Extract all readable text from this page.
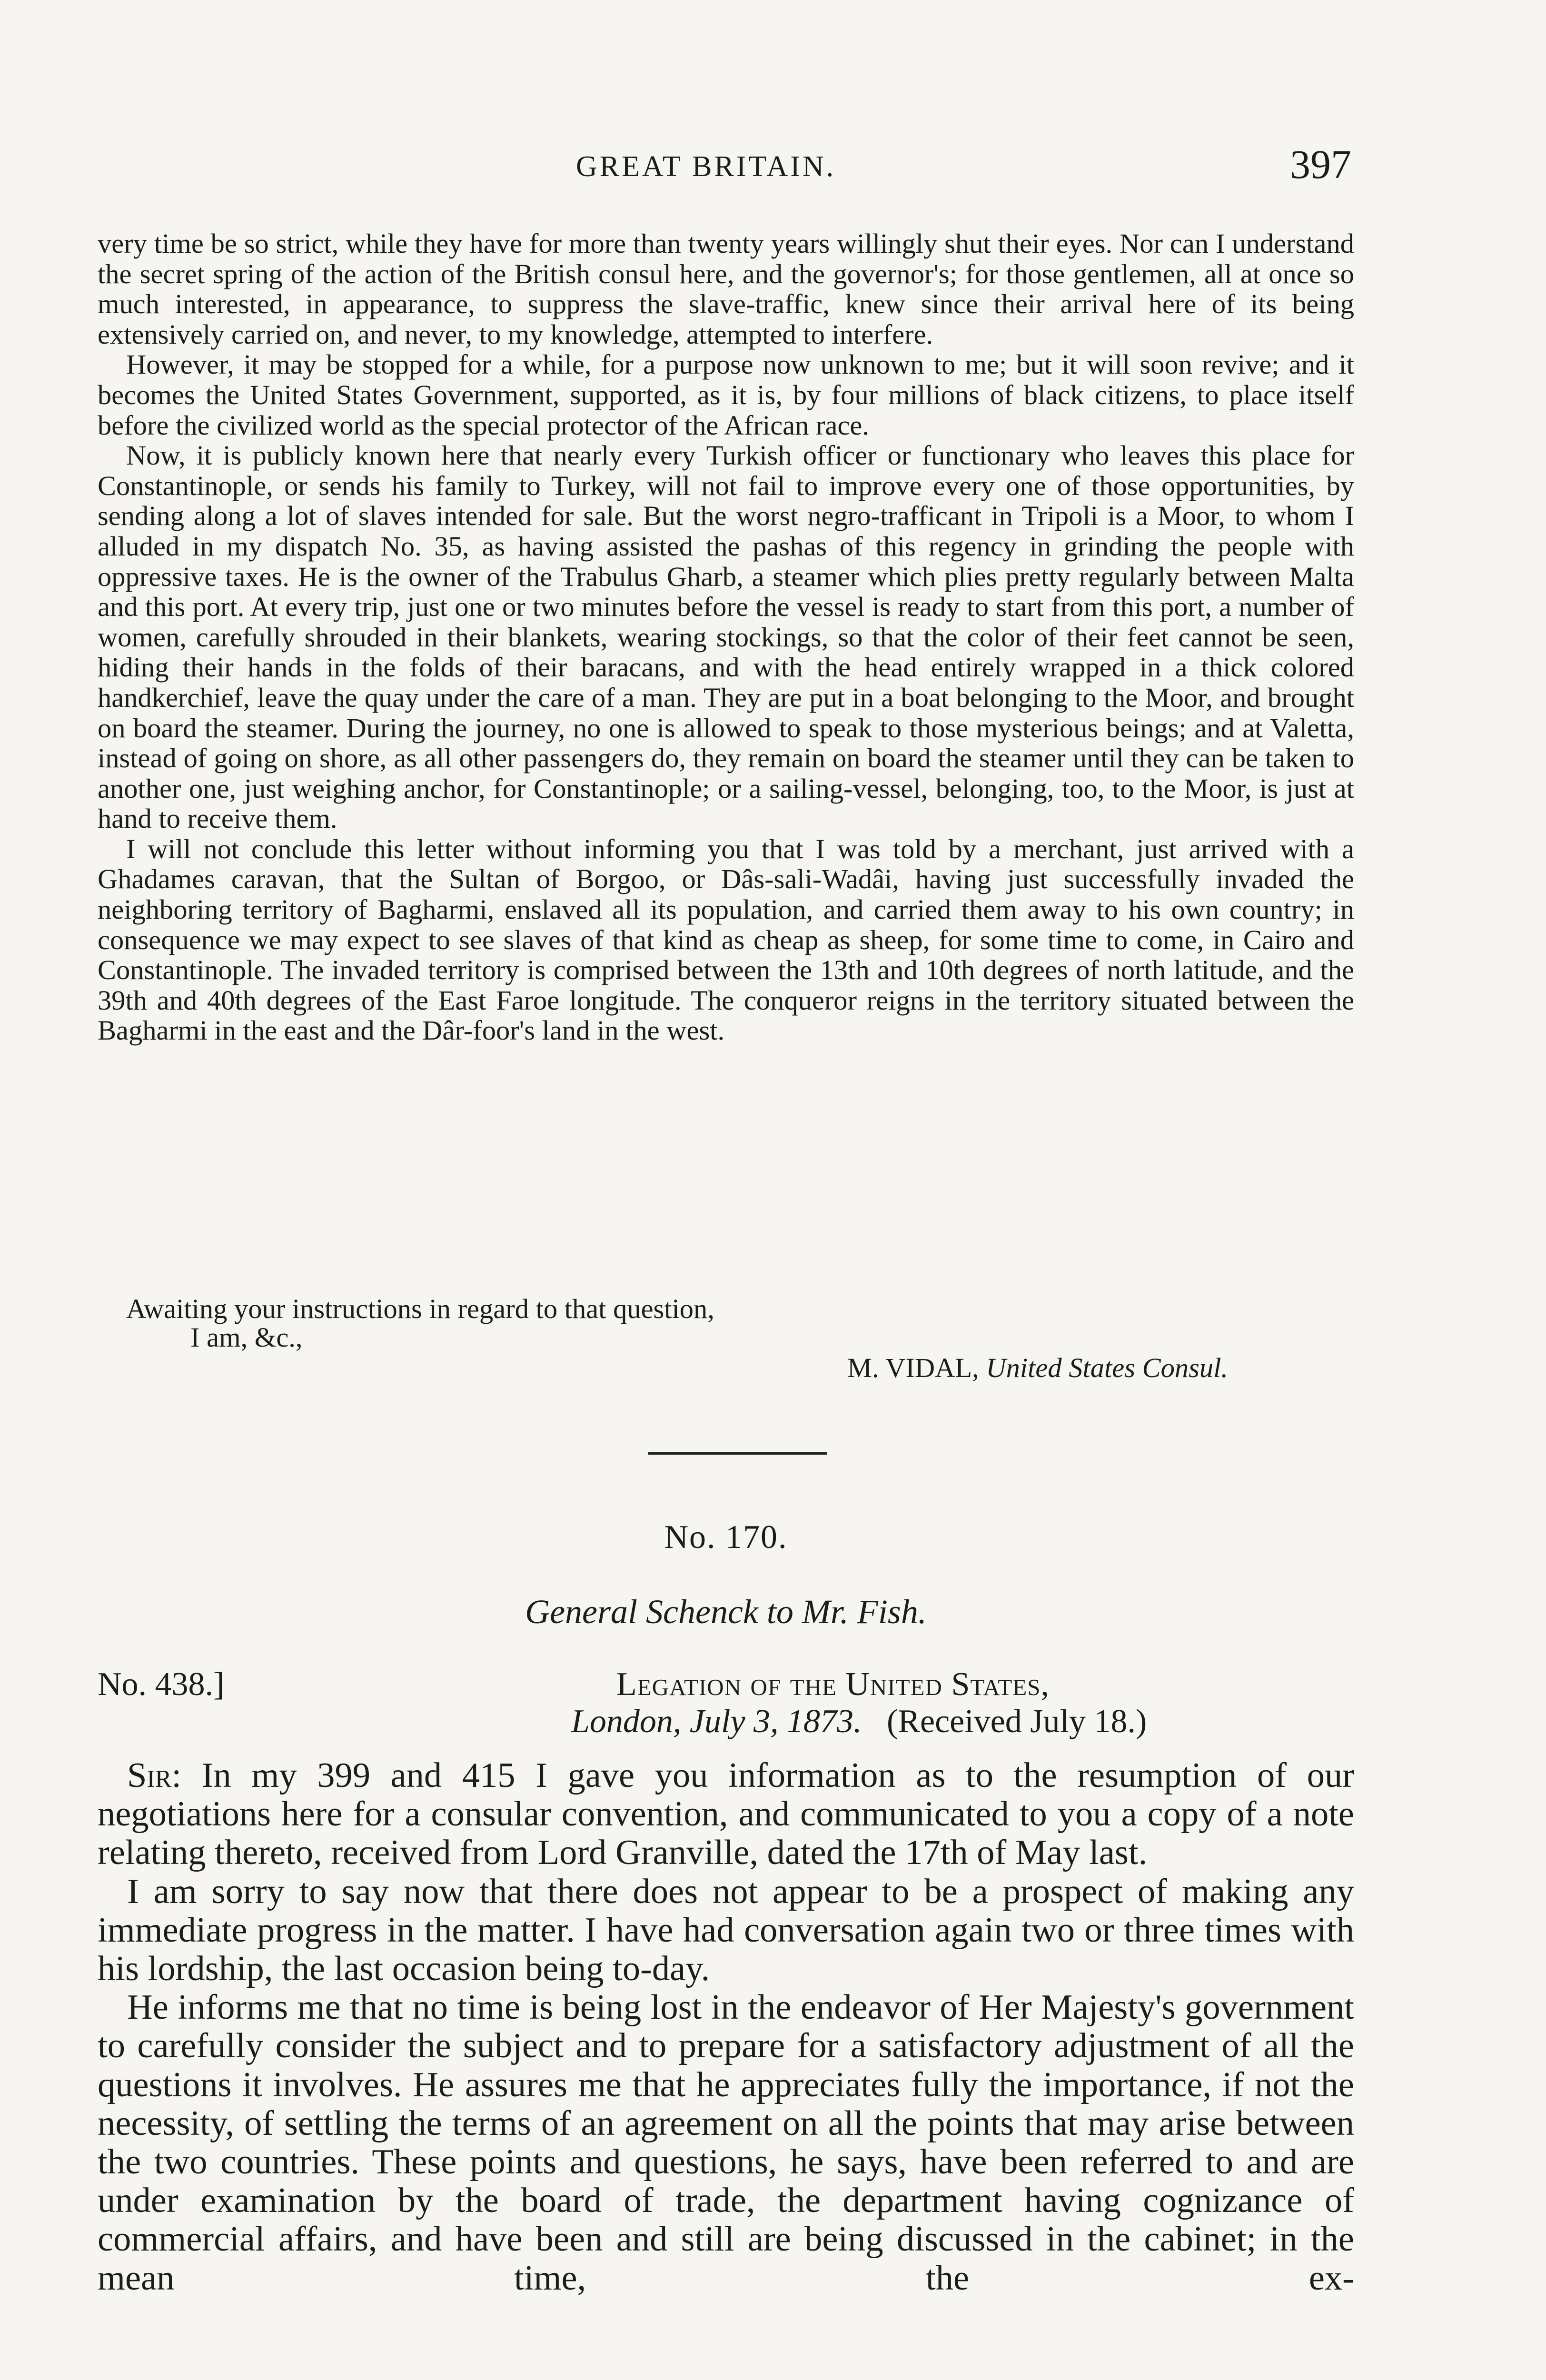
GREAT BRITAIN.	397

very time be so strict, while they have for more than twenty years willingly shut their eyes. Nor can I understand the secret spring of the action of the British consul here, and the governor's; for those gentlemen, all at once so much interested, in appearance, to suppress the slave-traffic, knew since their arrival here of its being extensively carried on, and never, to my knowledge, attempted to interfere.

However, it may be stopped for a while, for a purpose now unknown to me; but it will soon revive; and it becomes the United States Government, supported, as it is, by four millions of black citizens, to place itself before the civilized world as the special protector of the African race.

Now, it is publicly known here that nearly every Turkish officer or functionary who leaves this place for Constantinople, or sends his family to Turkey, will not fail to improve every one of those opportunities, by sending along a lot of slaves intended for sale. But the worst negro-trafficant in Tripoli is a Moor, to whom I alluded in my dispatch No. 35, as having assisted the pashas of this regency in grinding the people with oppressive taxes. He is the owner of the Trabulus Gharb, a steamer which plies pretty regularly between Malta and this port. At every trip, just one or two minutes before the vessel is ready to start from this port, a number of women, carefully shrouded in their blankets, wearing stockings, so that the color of their feet cannot be seen, hiding their hands in the folds of their baracans, and with the head entirely wrapped in a thick colored handkerchief, leave the quay under the care of a man. They are put in a boat belonging to the Moor, and brought on board the steamer. During the journey, no one is allowed to speak to those mysterious beings; and at Valetta, instead of going on shore, as all other passengers do, they remain on board the steamer until they can be taken to another one, just weighing anchor, for Constantinople; or a sailing-vessel, belonging, too, to the Moor, is just at hand to receive them.

I will not conclude this letter without informing you that I was told by a merchant, just arrived with a Ghadames caravan, that the Sultan of Borgoo, or Dâs-sali-Wadâi, having just successfully invaded the neighboring territory of Bagharmi, enslaved all its population, and carried them away to his own country; in consequence we may expect to see slaves of that kind as cheap as sheep, for some time to come, in Cairo and Constantinople. The invaded territory is comprised between the 13th and 10th degrees of north latitude, and the 39th and 40th degrees of the East Faroe longitude. The conqueror reigns in the territory situated between the Bagharmi in the east and the Dâr-foor's land in the west.

Awaiting your instructions in regard to that question,
I am, &c.,
M. VIDAL, United States Consul.
No. 170.
General Schenck to Mr. Fish.
No. 438.]	Legation of the United States,
London, July 3, 1873. (Received July 18.)

Sir: In my 399 and 415 I gave you information as to the resumption of our negotiations here for a consular convention, and communicated to you a copy of a note relating thereto, received from Lord Granville, dated the 17th of May last.

I am sorry to say now that there does not appear to be a prospect of making any immediate progress in the matter. I have had conversation again two or three times with his lordship, the last occasion being to-day.

He informs me that no time is being lost in the endeavor of Her Majesty's government to carefully consider the subject and to prepare for a satisfactory adjustment of all the questions it involves. He assures me that he appreciates fully the importance, if not the necessity, of settling the terms of an agreement on all the points that may arise between the two countries. These points and questions, he says, have been referred to and are under examination by the board of trade, the department having cognizance of commercial affairs, and have been and still are being discussed in the cabinet; in the mean time, the ex-
